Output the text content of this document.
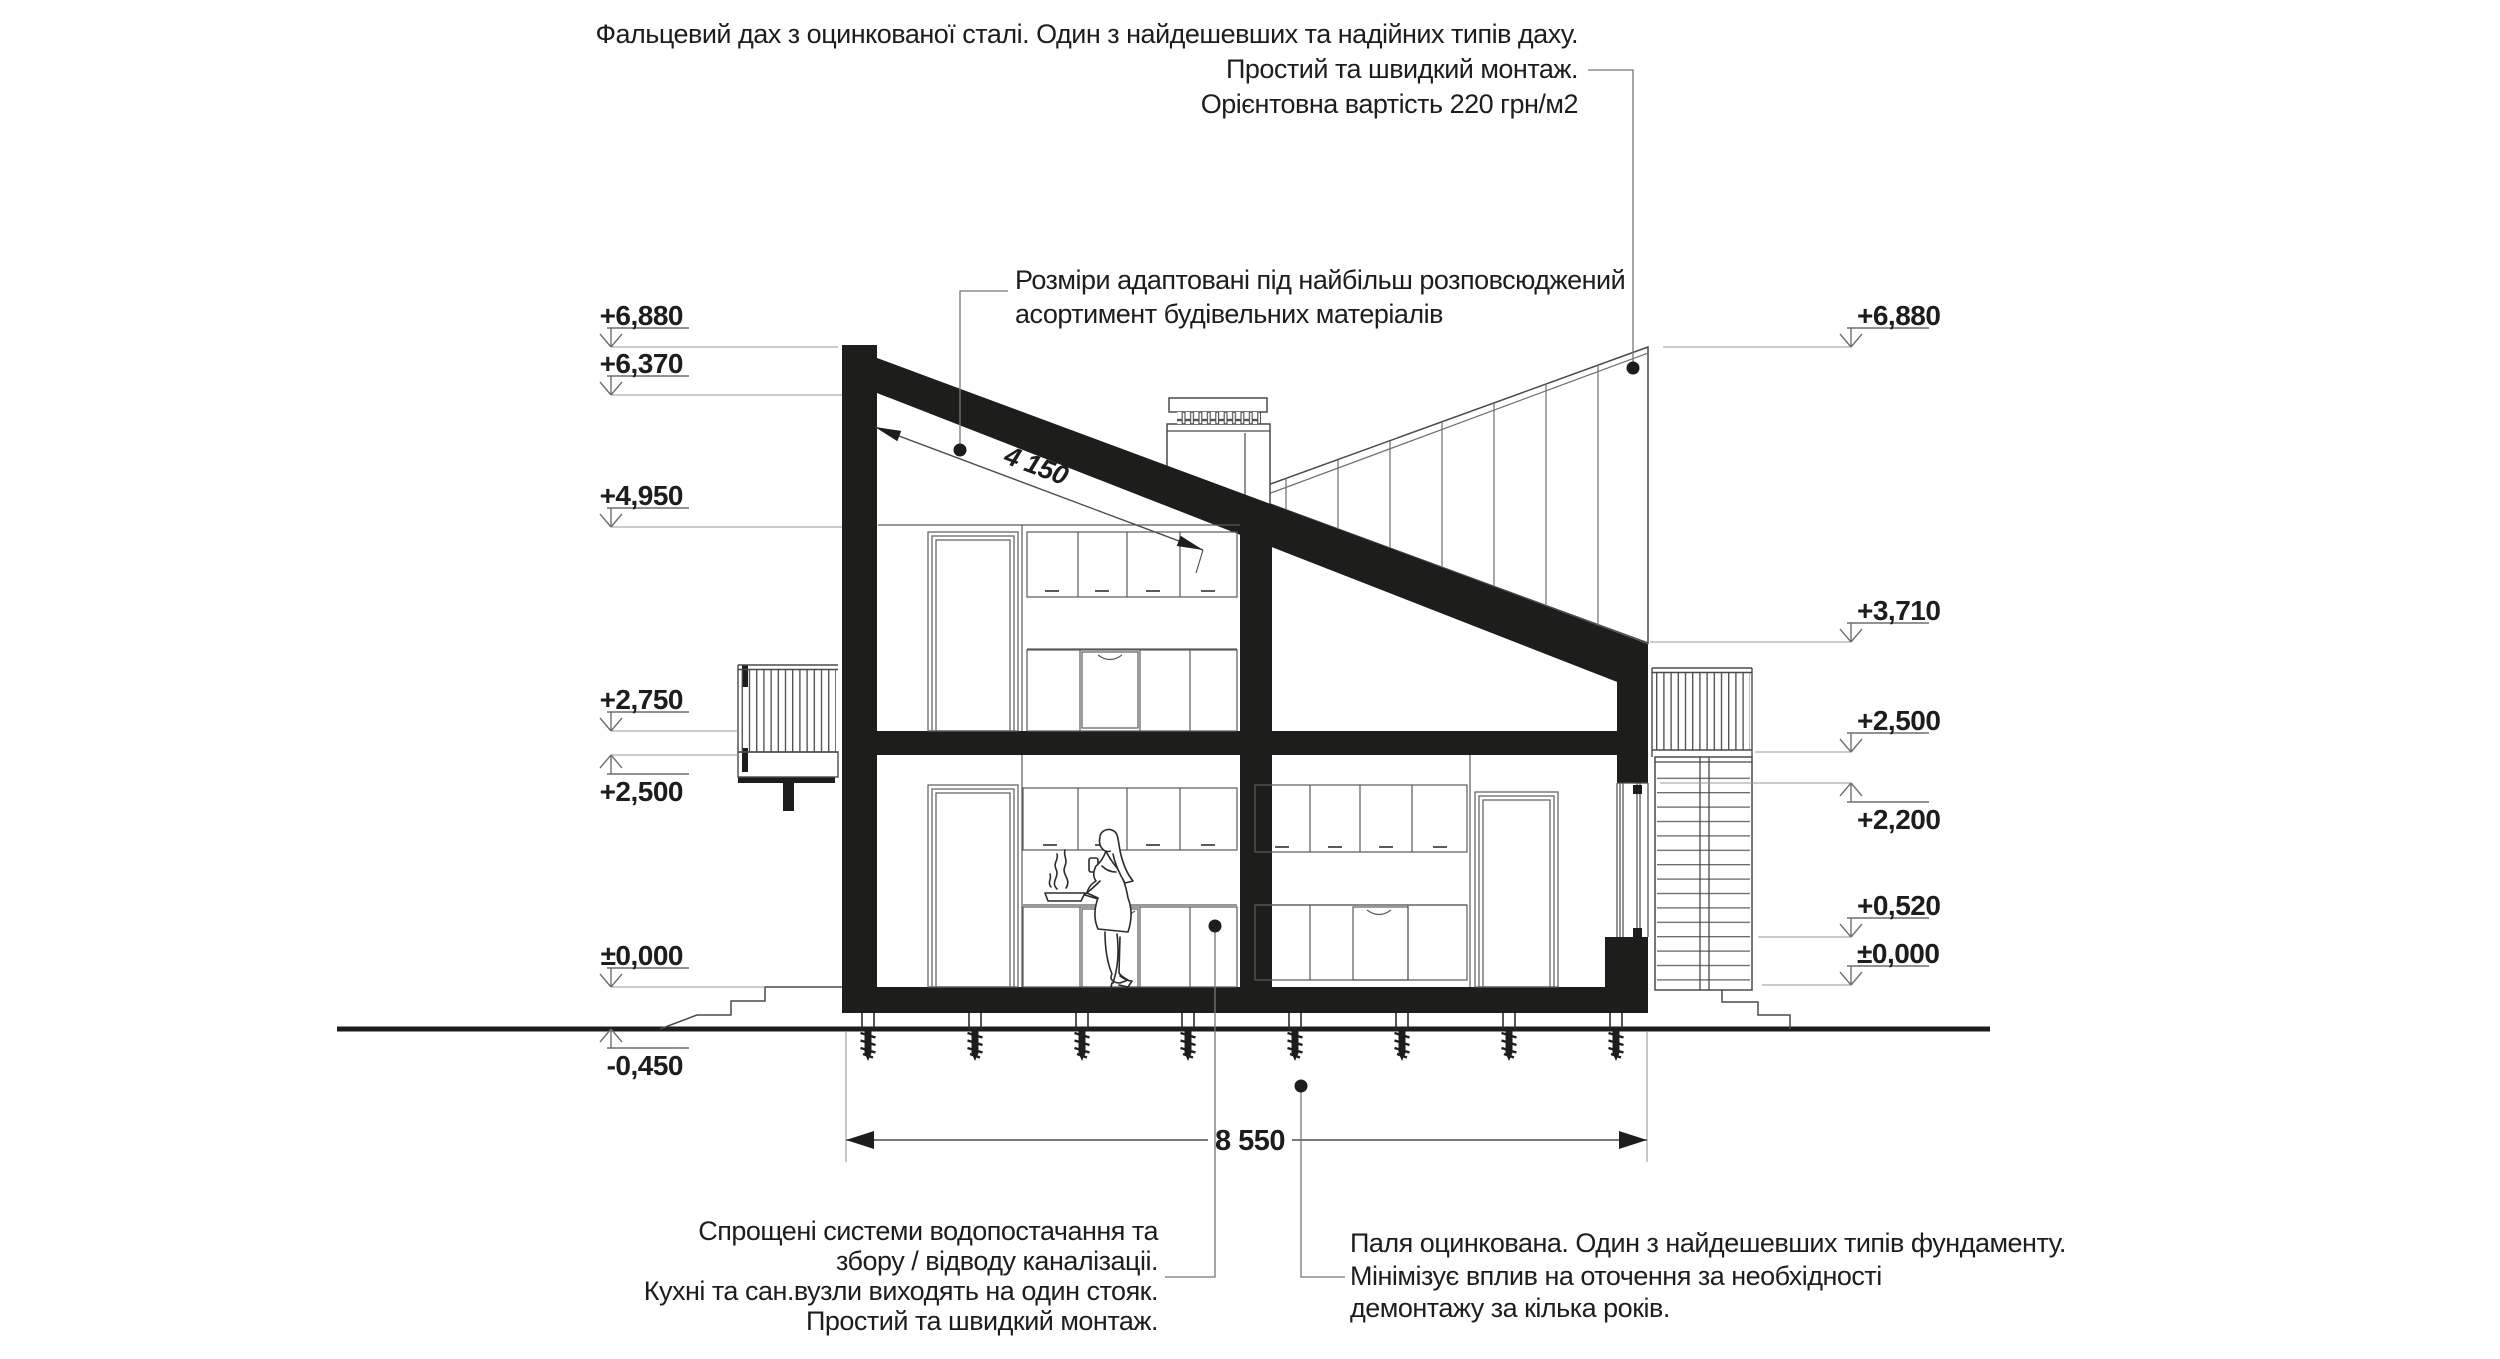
+6,880
+6,370
+4,950
+2,750
+2,500
±0,000
-0,450
+6,880
+3,710
+2,500
+2,200
+0,520
±0,000
4 150
8 550
Фальцевий дах з оцинкованої сталі. Один з найдешевших та надійних типів даху.
Простий та швидкий монтаж.
Орієнтовна вартість 220 грн/м2
Розміри адаптовані під найбільш розповсюджений
асортимент будівельних матеріалів
Спрощені системи водопостачання та
збору / відводу каналізаціі.
Кухні та сан.вузли виходять на один стояк.
Простий та швидкий монтаж.
Паля оцинкована. Один з найдешевших типів фундаменту.
Мінімізує вплив на оточення за необхідності
демонтажу за кілька років.
